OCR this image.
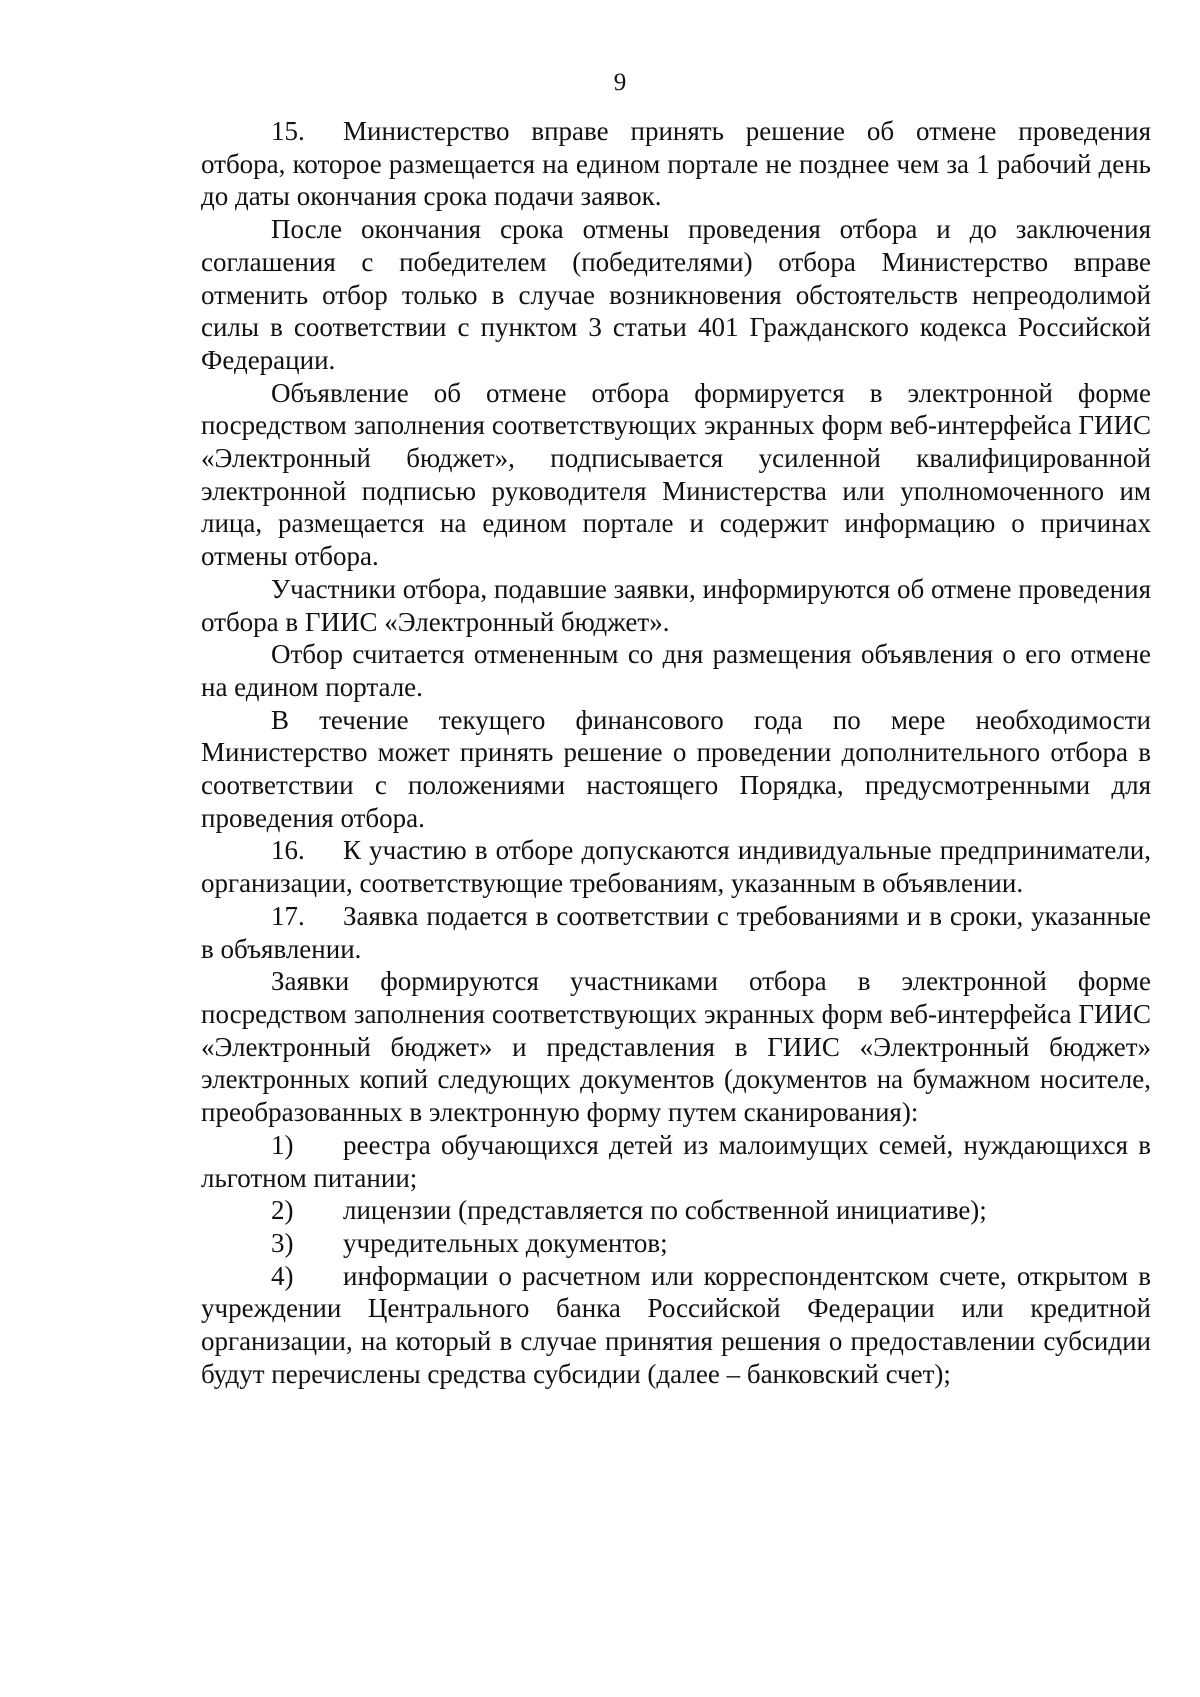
9

15. Министерство вправе принять решение об отмене проведения отбора, которое размещается на едином портале не позднее чем за 1 рабочий день до даты окончания срока подачи заявок.

После окончания срока отмены проведения отбора и до заключения соглашения с победителем (победителями) отбора Министерство вправе отменить отбор только в случае возникновения обстоятельств непреодолимой силы в соответствии с пунктом 3 статьи 401 Гражданского кодекса Российской Федерации.

Объявление об отмене отбора формируется в электронной форме посредством заполнения соответствующих экранных форм веб-интерфейса ГИИС «Электронный бюджет», подписывается усиленной квалифицированной электронной подписью руководителя Министерства или уполномоченного им лица, размещается на едином портале и содержит информацию о причинах отмены отбора.

Участники отбора, подавшие заявки, информируются об отмене проведения отбора в ГИИС «Электронный бюджет».

Отбор считается отмененным со дня размещения объявления о его отмене на едином портале.

В течение текущего финансового года по мере необходимости Министерство может принять решение о проведении дополнительного отбора в соответствии с положениями настоящего Порядка, предусмотренными для проведения отбора.

16. К участию в отборе допускаются индивидуальные предприниматели, организации, соответствующие требованиям, указанным в объявлении.

17. Заявка подается в соответствии с требованиями и в сроки, указанные в объявлении.

Заявки формируются участниками отбора в электронной форме посредством заполнения соответствующих экранных форм веб-интерфейса ГИИС «Электронный бюджет» и представления в ГИИС «Электронный бюджет» электронных копий следующих документов (документов на бумажном носителе, преобразованных в электронную форму путем сканирования):

1) реестра обучающихся детей из малоимущих семей, нуждающихся в льготном питании;

2) лицензии (представляется по собственной инициативе);

3) учредительных документов;

4) информации о расчетном или корреспондентском счете, открытом в учреждении Центрального банка Российской Федерации или кредитной организации, на который в случае принятия решения о предоставлении субсидии будут перечислены средства субсидии (далее – банковский счет);
